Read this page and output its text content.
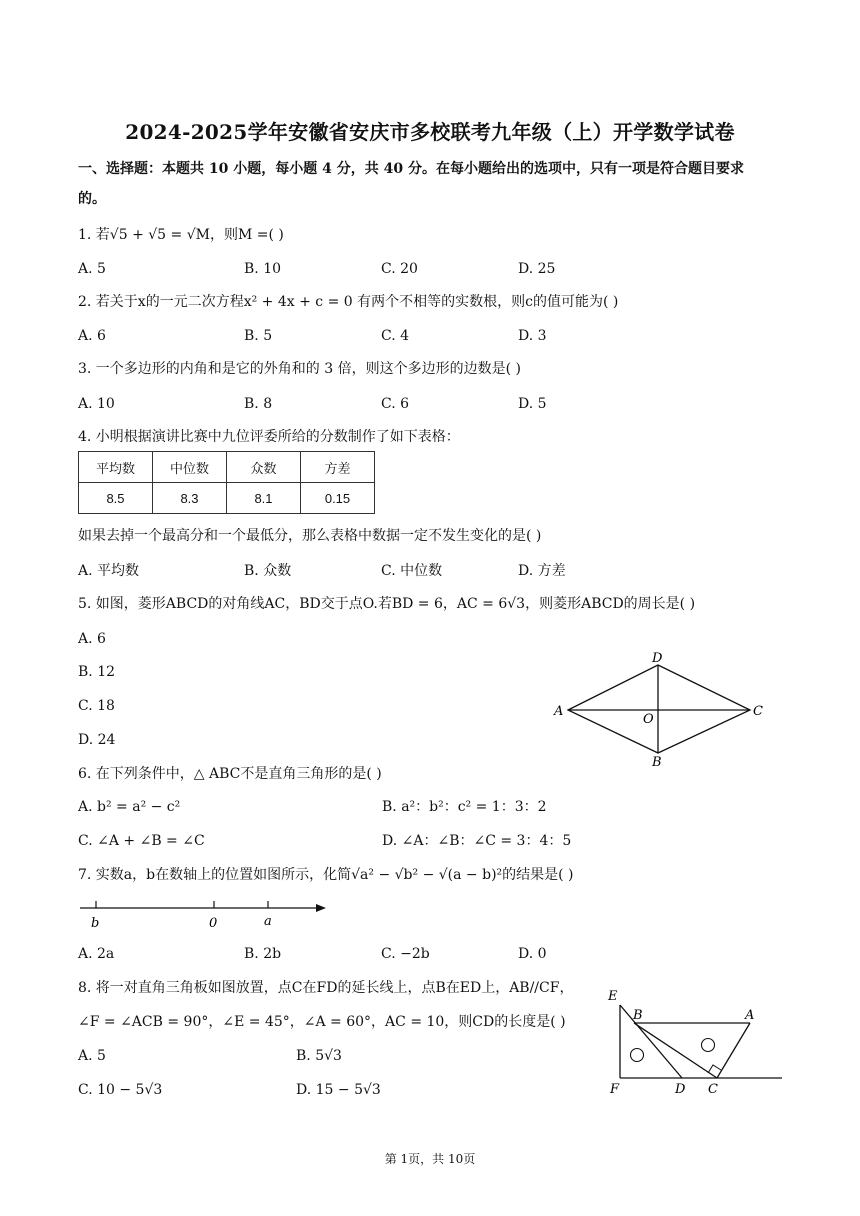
2024-2025学年安徽省安庆市多校联考九年级（上）开学数学试卷
一、选择题：本题共 10 小题，每小题 4 分，共 40 分。在每小题给出的选项中，只有一项是符合题目要求
的。
1. 若√5 + √5 = √M，则M =( )
A. 5	B. 10	C. 20	D. 25
2. 若关于x的一元二次方程x² + 4x + c = 0 有两个不相等的实数根，则c的值可能为( )
A. 6	B. 5	C. 4	D. 3
3. 一个多边形的内角和是它的外角和的 3 倍，则这个多边形的边数是( )
A. 10	B. 8	C. 6	D. 5
4. 小明根据演讲比赛中九位评委所给的分数制作了如下表格：
平均数	中位数	众数	方差
8.5	8.3	8.1	0.15
如果去掉一个最高分和一个最低分，那么表格中数据一定不发生变化的是( )
A. 平均数	B. 众数	C. 中位数	D. 方差
5. 如图，菱形ABCD的对角线AC，BD交于点O.若BD = 6，AC = 6√3，则菱形ABCD的周长是( )
A. 6
B. 12
C. 18
D. 24
D
A
O
C
B
6. 在下列条件中，△ ABC不是直角三角形的是( )
A. b² = a² − c²	B. a²：b²：c² = 1：3：2
C. ∠A + ∠B = ∠C	D. ∠A：∠B：∠C = 3：4：5
7. 实数a，b在数轴上的位置如图所示，化简√a² − √b² − √(a − b)²的结果是( )
b	0	a
A. 2a	B. 2b	C. −2b	D. 0
8. 将一对直角三角板如图放置，点C在FD的延长线上，点B在ED上，AB//CF，
∠F = ∠ACB = 90°，∠E = 45°，∠A = 60°，AC = 10，则CD的长度是( )
A. 5	B. 5√3
C. 10 − 5√3	D. 15 − 5√3
E
B	A
F	D C
第 1页，共 10页
